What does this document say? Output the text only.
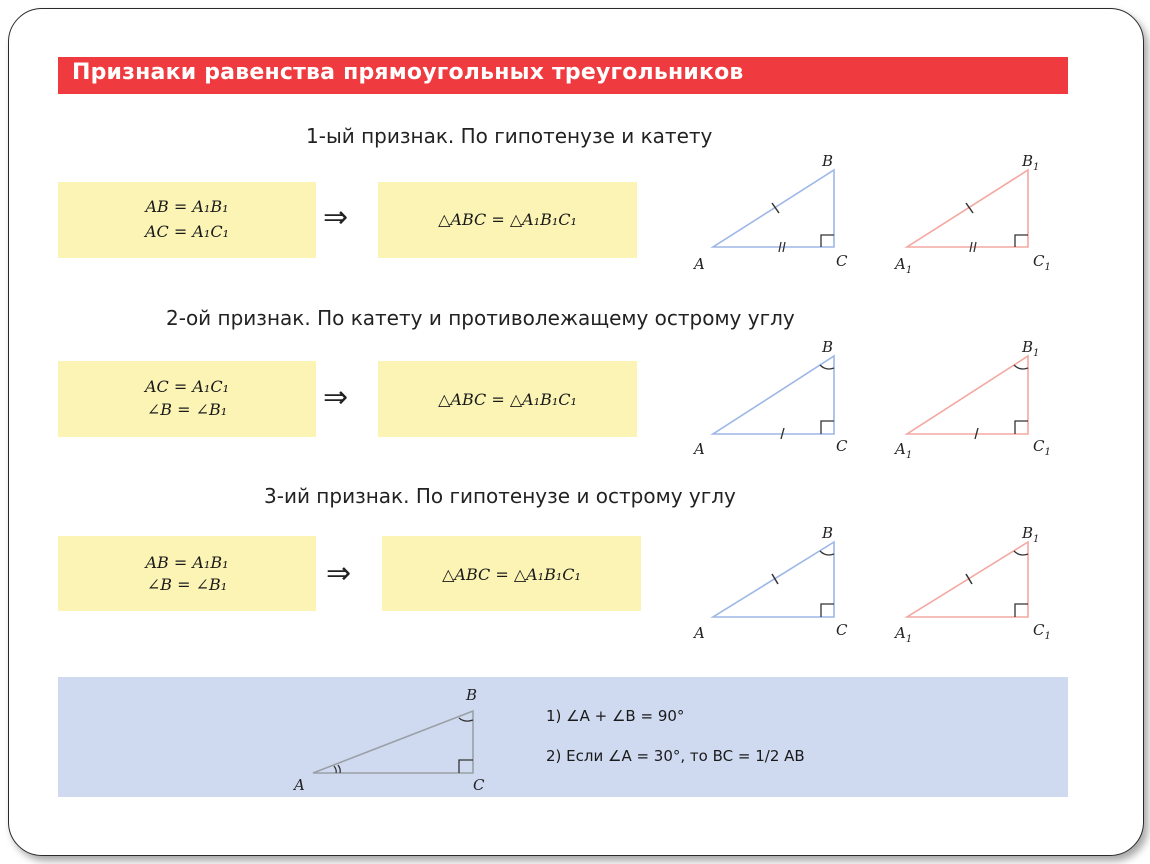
Признаки равенства прямоугольных треугольников
1-ый признак. По гипотенузе и катету
AB = A₁B₁
AC = A₁C₁	⇒	△ABC = △A₁B₁C₁
2-ой признак. По катету и противолежащему острому углу
AC = A₁C₁
∠B = ∠B₁	⇒	△ABC = △A₁B₁C₁
3-ий признак. По гипотенузе и острому углу
AB = A₁B₁
∠B = ∠B₁	⇒	△ABC = △A₁B₁C₁
1) ∠A + ∠B = 90°
2) Если ∠A = 30°, то BC = 1/2 AB
B
A	C
$B_1$
$A_1$
$C_1$
B
A	C
$B_1$
$A_1$
$C_1$
B
A	C
$B_1$
$A_1$
$C_1$
B
A	C
